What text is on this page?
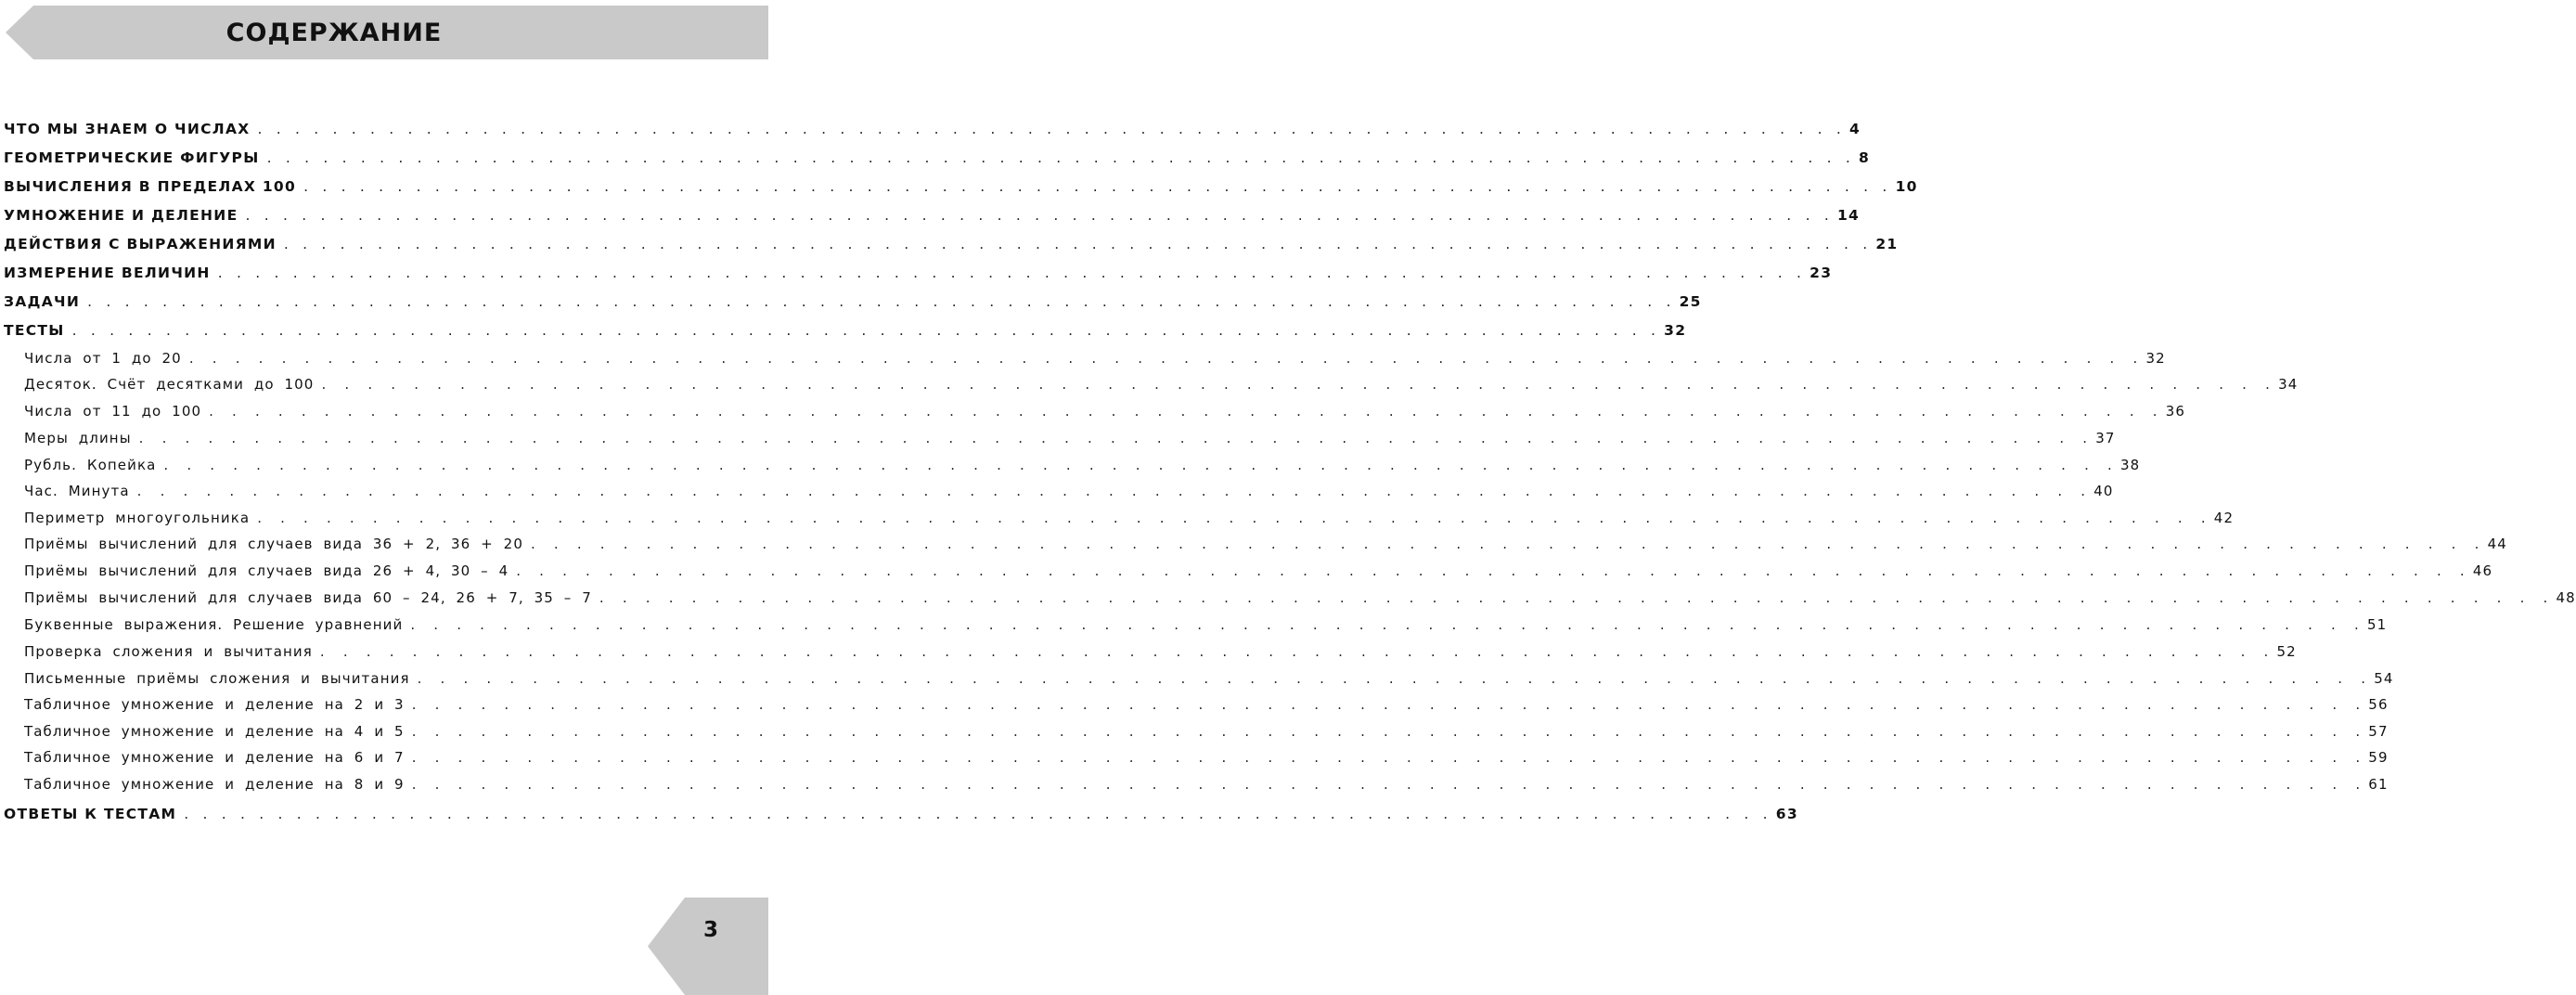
СОДЕРЖАНИЕ
ЧТО МЫ ЗНАЕМ О ЧИСЛАХ . . . . . . . . . . . . . . . . . . . . . . . . . . . . . . . . . . . . . . . . . . . . . . . . . . . . . . . . . . . . . . . . . . . . . . . . . . . . . . . . . . . . . 4
ГЕОМЕТРИЧЕСКИЕ ФИГУРЫ . . . . . . . . . . . . . . . . . . . . . . . . . . . . . . . . . . . . . . . . . . . . . . . . . . . . . . . . . . . . . . . . . . . . . . . . . . . . . . . . . . . . . 8
ВЫЧИСЛЕНИЯ В ПРЕДЕЛАХ 100 . . . . . . . . . . . . . . . . . . . . . . . . . . . . . . . . . . . . . . . . . . . . . . . . . . . . . . . . . . . . . . . . . . . . . . . . . . . . . . . . . . . . . 10
УМНОЖЕНИЕ И ДЕЛЕНИЕ . . . . . . . . . . . . . . . . . . . . . . . . . . . . . . . . . . . . . . . . . . . . . . . . . . . . . . . . . . . . . . . . . . . . . . . . . . . . . . . . . . . . . 14
ДЕЙСТВИЯ С ВЫРАЖЕНИЯМИ . . . . . . . . . . . . . . . . . . . . . . . . . . . . . . . . . . . . . . . . . . . . . . . . . . . . . . . . . . . . . . . . . . . . . . . . . . . . . . . . . . . . . 21
ИЗМЕРЕНИЕ ВЕЛИЧИН . . . . . . . . . . . . . . . . . . . . . . . . . . . . . . . . . . . . . . . . . . . . . . . . . . . . . . . . . . . . . . . . . . . . . . . . . . . . . . . . . . . . . 23
ЗАДАЧИ . . . . . . . . . . . . . . . . . . . . . . . . . . . . . . . . . . . . . . . . . . . . . . . . . . . . . . . . . . . . . . . . . . . . . . . . . . . . . . . . . . . . . 25
ТЕСТЫ . . . . . . . . . . . . . . . . . . . . . . . . . . . . . . . . . . . . . . . . . . . . . . . . . . . . . . . . . . . . . . . . . . . . . . . . . . . . . . . . . . . . . 32
Числа от 1 до 20 . . . . . . . . . . . . . . . . . . . . . . . . . . . . . . . . . . . . . . . . . . . . . . . . . . . . . . . . . . . . . . . . . . . . . . . . . . . . . . . . . . . . . 32
Десяток. Счёт десятками до 100 . . . . . . . . . . . . . . . . . . . . . . . . . . . . . . . . . . . . . . . . . . . . . . . . . . . . . . . . . . . . . . . . . . . . . . . . . . . . . . . . . . . . . 34
Числа от 11 до 100 . . . . . . . . . . . . . . . . . . . . . . . . . . . . . . . . . . . . . . . . . . . . . . . . . . . . . . . . . . . . . . . . . . . . . . . . . . . . . . . . . . . . . 36
Меры длины . . . . . . . . . . . . . . . . . . . . . . . . . . . . . . . . . . . . . . . . . . . . . . . . . . . . . . . . . . . . . . . . . . . . . . . . . . . . . . . . . . . . . 37
Рубль. Копейка . . . . . . . . . . . . . . . . . . . . . . . . . . . . . . . . . . . . . . . . . . . . . . . . . . . . . . . . . . . . . . . . . . . . . . . . . . . . . . . . . . . . . 38
Час. Минута . . . . . . . . . . . . . . . . . . . . . . . . . . . . . . . . . . . . . . . . . . . . . . . . . . . . . . . . . . . . . . . . . . . . . . . . . . . . . . . . . . . . . 40
Периметр многоугольника . . . . . . . . . . . . . . . . . . . . . . . . . . . . . . . . . . . . . . . . . . . . . . . . . . . . . . . . . . . . . . . . . . . . . . . . . . . . . . . . . . . . . 42
Приёмы вычислений для случаев вида 36 + 2, 36 + 20 . . . . . . . . . . . . . . . . . . . . . . . . . . . . . . . . . . . . . . . . . . . . . . . . . . . . . . . . . . . . . . . . . . . . . . . . . . . . . . . . . . . . . 44
Приёмы вычислений для случаев вида 26 + 4, 30 – 4 . . . . . . . . . . . . . . . . . . . . . . . . . . . . . . . . . . . . . . . . . . . . . . . . . . . . . . . . . . . . . . . . . . . . . . . . . . . . . . . . . . . . . 46
Приёмы вычислений для случаев вида 60 – 24, 26 + 7, 35 – 7 . . . . . . . . . . . . . . . . . . . . . . . . . . . . . . . . . . . . . . . . . . . . . . . . . . . . . . . . . . . . . . . . . . . . . . . . . . . . . . . . . . . . . 48
Буквенные выражения. Решение уравнений . . . . . . . . . . . . . . . . . . . . . . . . . . . . . . . . . . . . . . . . . . . . . . . . . . . . . . . . . . . . . . . . . . . . . . . . . . . . . . . . . . . . . 51
Проверка сложения и вычитания . . . . . . . . . . . . . . . . . . . . . . . . . . . . . . . . . . . . . . . . . . . . . . . . . . . . . . . . . . . . . . . . . . . . . . . . . . . . . . . . . . . . . 52
Письменные приёмы сложения и вычитания . . . . . . . . . . . . . . . . . . . . . . . . . . . . . . . . . . . . . . . . . . . . . . . . . . . . . . . . . . . . . . . . . . . . . . . . . . . . . . . . . . . . . 54
Табличное умножение и деление на 2 и 3 . . . . . . . . . . . . . . . . . . . . . . . . . . . . . . . . . . . . . . . . . . . . . . . . . . . . . . . . . . . . . . . . . . . . . . . . . . . . . . . . . . . . . 56
Табличное умножение и деление на 4 и 5 . . . . . . . . . . . . . . . . . . . . . . . . . . . . . . . . . . . . . . . . . . . . . . . . . . . . . . . . . . . . . . . . . . . . . . . . . . . . . . . . . . . . . 57
Табличное умножение и деление на 6 и 7 . . . . . . . . . . . . . . . . . . . . . . . . . . . . . . . . . . . . . . . . . . . . . . . . . . . . . . . . . . . . . . . . . . . . . . . . . . . . . . . . . . . . . 59
Табличное умножение и деление на 8 и 9 . . . . . . . . . . . . . . . . . . . . . . . . . . . . . . . . . . . . . . . . . . . . . . . . . . . . . . . . . . . . . . . . . . . . . . . . . . . . . . . . . . . . . 61
ОТВЕТЫ К ТЕСТАМ . . . . . . . . . . . . . . . . . . . . . . . . . . . . . . . . . . . . . . . . . . . . . . . . . . . . . . . . . . . . . . . . . . . . . . . . . . . . . . . . . . . . . 63
3
